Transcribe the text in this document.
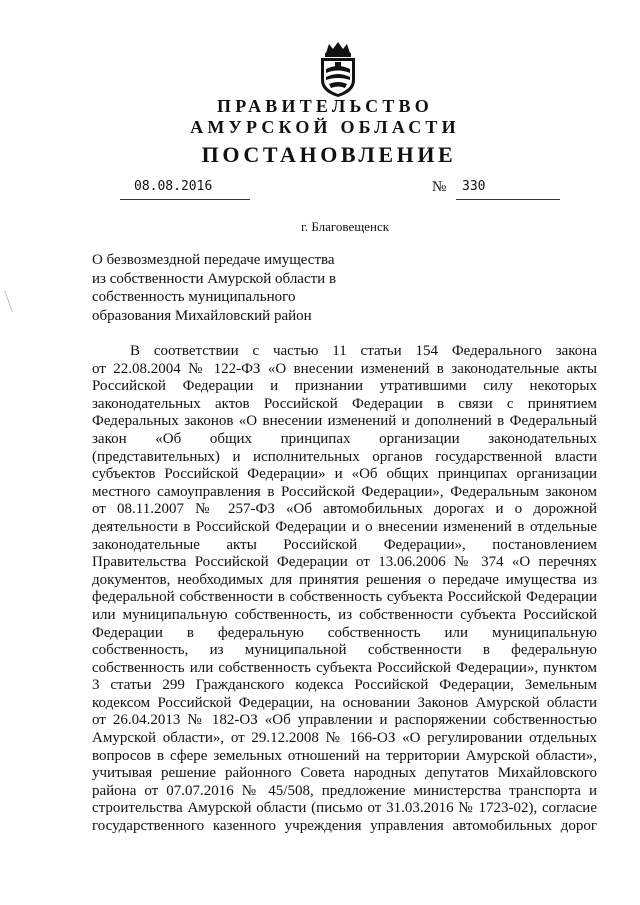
ПРАВИТЕЛЬСТВО
АМУРСКОЙ ОБЛАСТИ
ПОСТАНОВЛЕНИЕ
08.08.2016	№ 330
г. Благовещенск
О безвозмездной передаче имущества
из собственности Амурской области в
собственность муниципального
образования Михайловский район
В соответствии с частью 11 статьи 154 Федерального закона
от 22.08.2004 № 122-ФЗ «О внесении изменений в законодательные акты
Российской Федерации и признании утратившими силу некоторых
законодательных актов Российской Федерации в связи с принятием
Федеральных законов «О внесении изменений и дополнений в Федеральный
закон «Об общих принципах организации законодательных
(представительных) и исполнительных органов государственной власти
субъектов Российской Федерации» и «Об общих принципах организации
местного самоуправления в Российской Федерации», Федеральным законом
от 08.11.2007 № 257-ФЗ «Об автомобильных дорогах и о дорожной
деятельности в Российской Федерации и о внесении изменений в отдельные
законодательные акты Российской Федерации», постановлением
Правительства Российской Федерации от 13.06.2006 № 374 «О перечнях
документов, необходимых для принятия решения о передаче имущества из
федеральной собственности в собственность субъекта Российской Федерации
или муниципальную собственность, из собственности субъекта Российской
Федерации в федеральную собственность или муниципальную
собственность, из муниципальной собственности в федеральную
собственность или собственность субъекта Российской Федерации», пунктом
3 статьи 299 Гражданского кодекса Российской Федерации, Земельным
кодексом Российской Федерации, на основании Законов Амурской области
от 26.04.2013 № 182-ОЗ «Об управлении и распоряжении собственностью
Амурской области», от 29.12.2008 № 166-ОЗ «О регулировании отдельных
вопросов в сфере земельных отношений на территории Амурской области»,
учитывая решение районного Совета народных депутатов Михайловского
района от 07.07.2016 № 45/508, предложение министерства транспорта и
строительства Амурской области (письмо от 31.03.2016 № 1723-02), согласие
государственного казенного учреждения управления автомобильных дорог
